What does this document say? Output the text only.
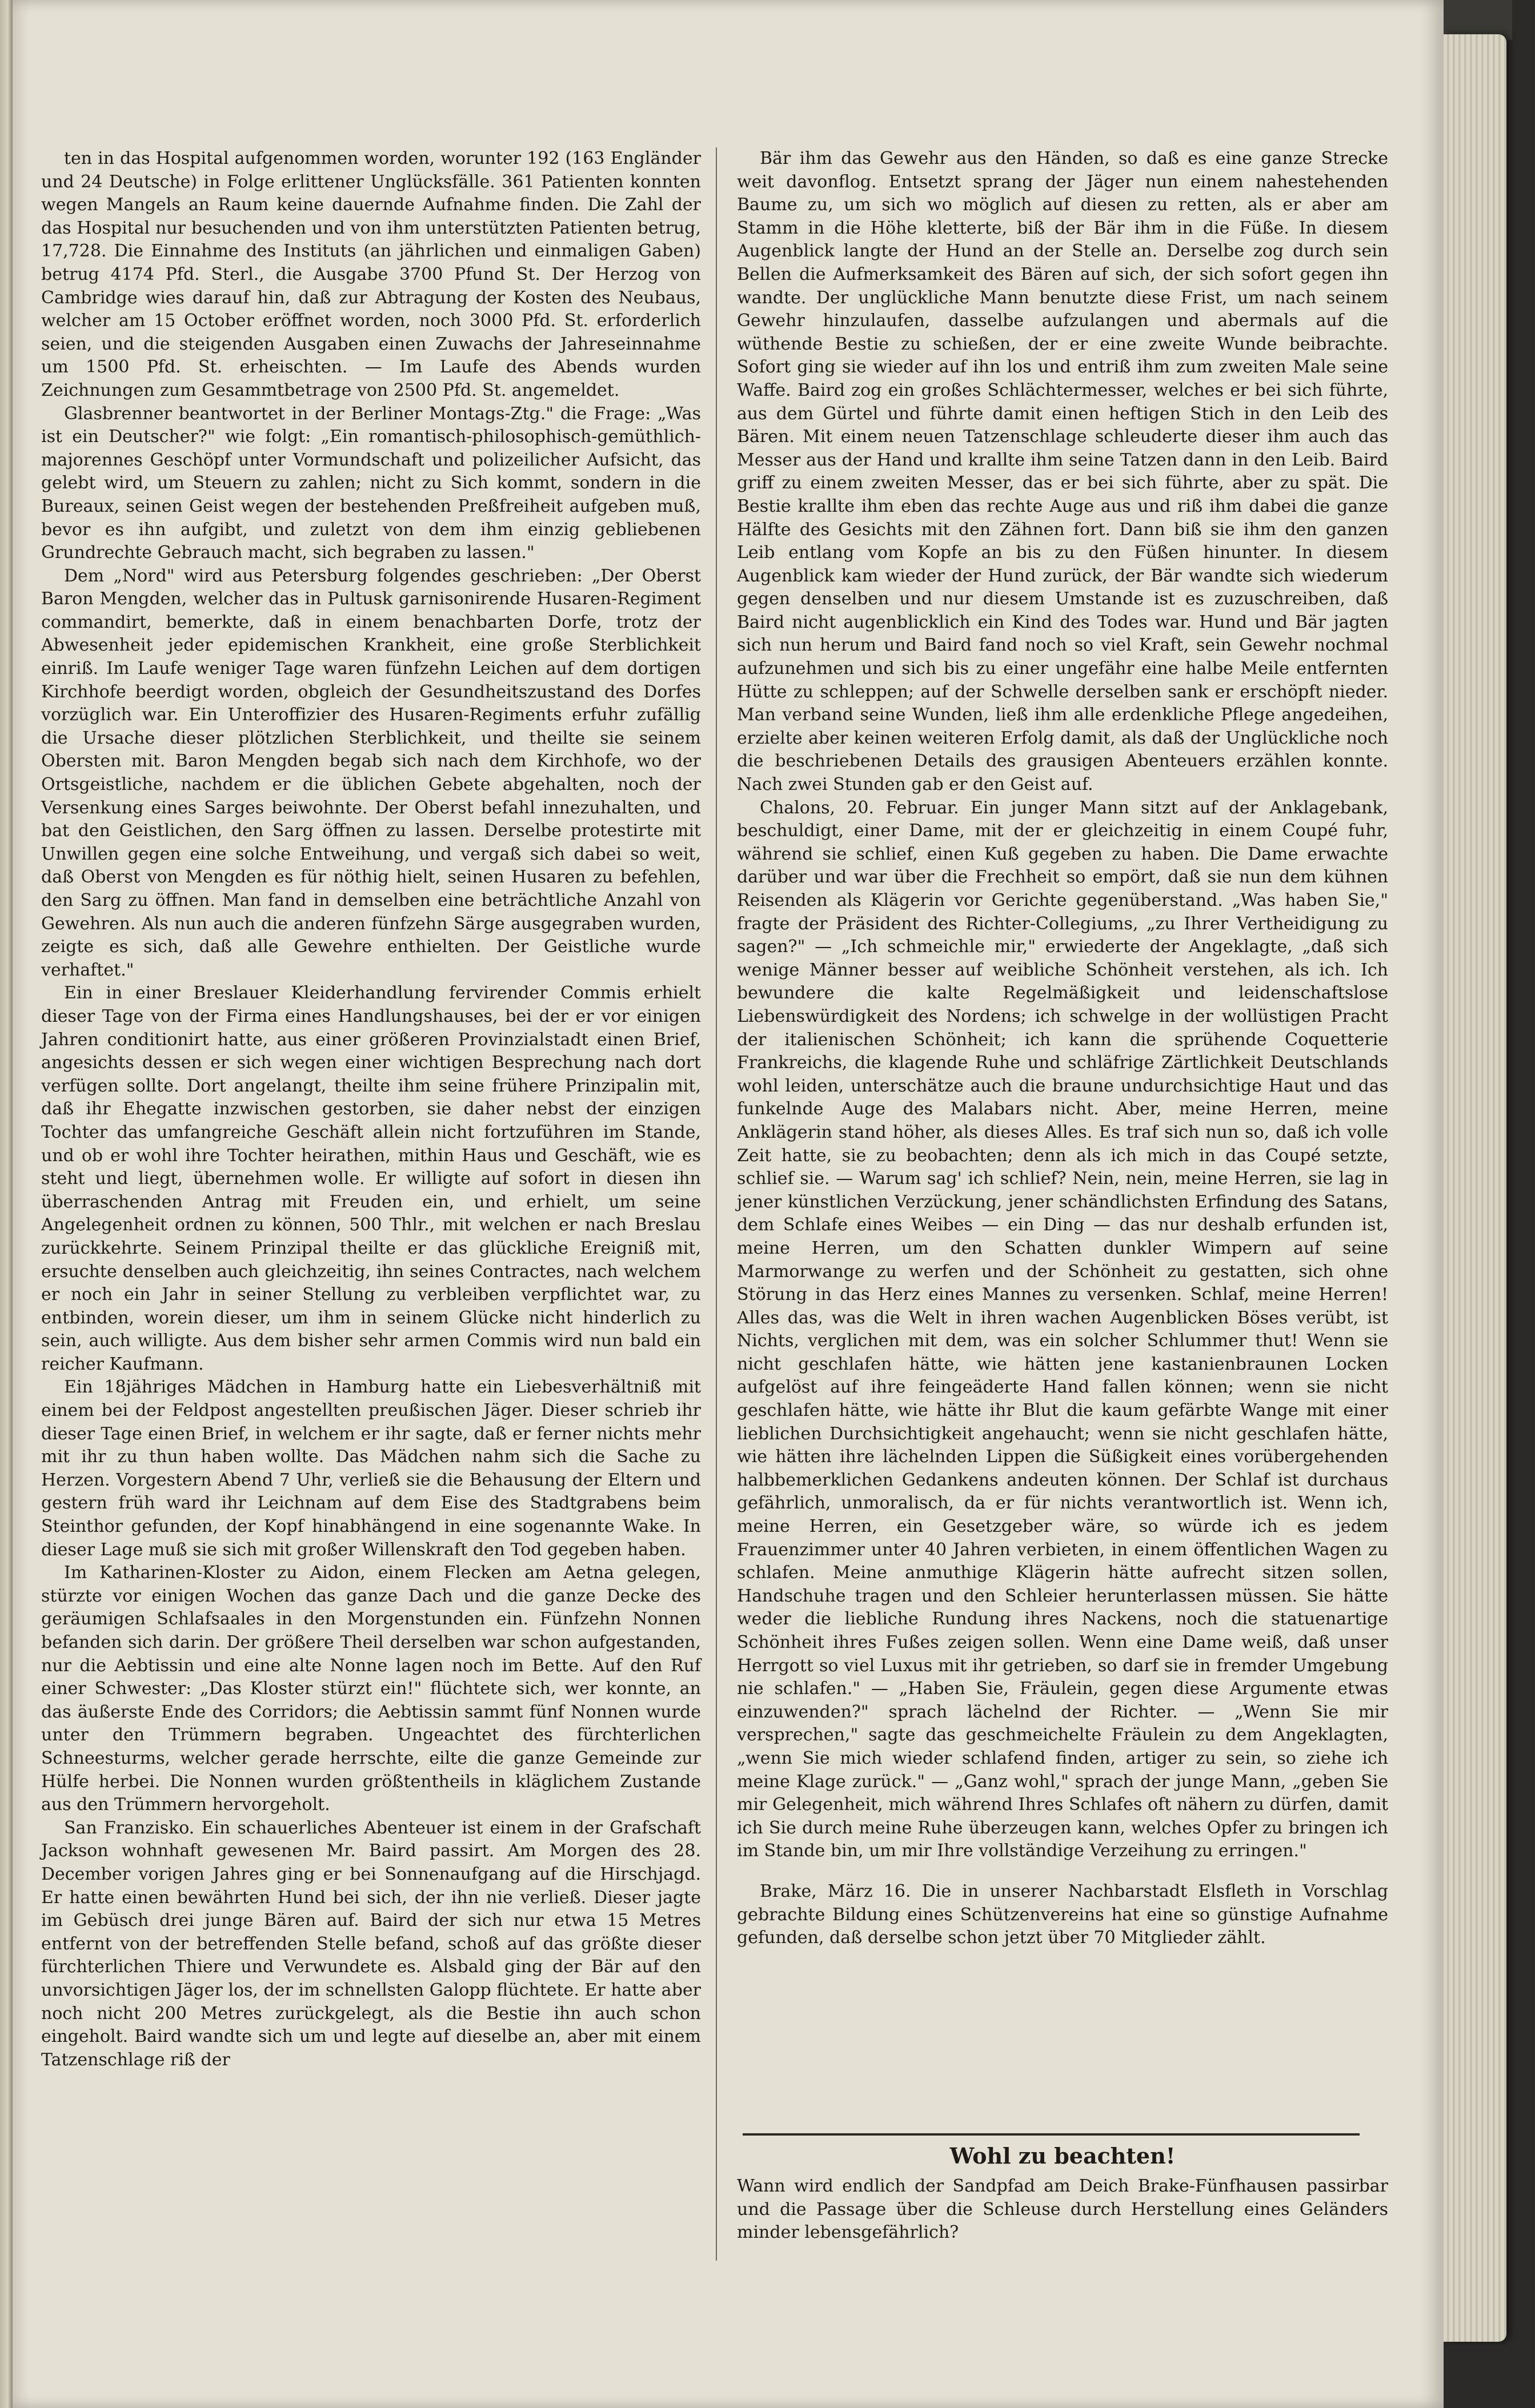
ten in das Hospital aufgenommen worden, worunter 192 (163 Engländer und 24 Deutsche) in Folge erlittener Unglücksfälle. 361 Patienten konnten wegen Mangels an Raum keine dauernde Aufnahme finden. Die Zahl der das Hospital nur besuchenden und von ihm unterstützten Patienten betrug, 17,728. Die Einnahme des Instituts (an jährlichen und einmaligen Gaben) betrug 4174 Pfd. Sterl., die Ausgabe 3700 Pfund St. Der Herzog von Cambridge wies darauf hin, daß zur Abtragung der Kosten des Neubaus, welcher am 15 October eröffnet worden, noch 3000 Pfd. St. erforderlich seien, und die steigenden Ausgaben einen Zuwachs der Jahreseinnahme um 1500 Pfd. St. erheischten. — Im Laufe des Abends wurden Zeichnungen zum Gesammtbetrage von 2500 Pfd. St. angemeldet.

Glasbrenner beantwortet in der Berliner Montags-Ztg." die Frage: „Was ist ein Deutscher?" wie folgt: „Ein romantisch-philosophisch-gemüthlich-majorennes Geschöpf unter Vormundschaft und polizeilicher Aufsicht, das gelebt wird, um Steuern zu zahlen; nicht zu Sich kommt, sondern in die Bureaux, seinen Geist wegen der bestehenden Preßfreiheit aufgeben muß, bevor es ihn aufgibt, und zuletzt von dem ihm einzig gebliebenen Grundrechte Gebrauch macht, sich begraben zu lassen."

Dem „Nord" wird aus Petersburg folgendes geschrieben: „Der Oberst Baron Mengden, welcher das in Pultusk garnisonirende Husaren-Regiment commandirt, bemerkte, daß in einem benachbarten Dorfe, trotz der Abwesenheit jeder epidemischen Krankheit, eine große Sterblichkeit einriß. Im Laufe weniger Tage waren fünfzehn Leichen auf dem dortigen Kirchhofe beerdigt worden, obgleich der Gesundheitszustand des Dorfes vorzüglich war. Ein Unteroffizier des Husaren-Regiments erfuhr zufällig die Ursache dieser plötzlichen Sterblichkeit, und theilte sie seinem Obersten mit. Baron Mengden begab sich nach dem Kirchhofe, wo der Ortsgeistliche, nachdem er die üblichen Gebete abgehalten, noch der Versenkung eines Sarges beiwohnte. Der Oberst befahl innezuhalten, und bat den Geistlichen, den Sarg öffnen zu lassen. Derselbe protestirte mit Unwillen gegen eine solche Entweihung, und vergaß sich dabei so weit, daß Oberst von Mengden es für nöthig hielt, seinen Husaren zu befehlen, den Sarg zu öffnen. Man fand in demselben eine beträchtliche Anzahl von Gewehren. Als nun auch die anderen fünfzehn Särge ausgegraben wurden, zeigte es sich, daß alle Gewehre enthielten. Der Geistliche wurde verhaftet."

Ein in einer Breslauer Kleiderhandlung fervirender Commis erhielt dieser Tage von der Firma eines Handlungshauses, bei der er vor einigen Jahren conditionirt hatte, aus einer größeren Provinzialstadt einen Brief, angesichts dessen er sich wegen einer wichtigen Besprechung nach dort verfügen sollte. Dort angelangt, theilte ihm seine frühere Prinzipalin mit, daß ihr Ehegatte inzwischen gestorben, sie daher nebst der einzigen Tochter das umfangreiche Geschäft allein nicht fortzuführen im Stande, und ob er wohl ihre Tochter heirathen, mithin Haus und Geschäft, wie es steht und liegt, übernehmen wolle. Er willigte auf sofort in diesen ihn überraschenden Antrag mit Freuden ein, und erhielt, um seine Angelegenheit ordnen zu können, 500 Thlr., mit welchen er nach Breslau zurückkehrte. Seinem Prinzipal theilte er das glückliche Ereigniß mit, ersuchte denselben auch gleichzeitig, ihn seines Contractes, nach welchem er noch ein Jahr in seiner Stellung zu verbleiben verpflichtet war, zu entbinden, worein dieser, um ihm in seinem Glücke nicht hinderlich zu sein, auch willigte. Aus dem bisher sehr armen Commis wird nun bald ein reicher Kaufmann.

Ein 18jähriges Mädchen in Hamburg hatte ein Liebesverhältniß mit einem bei der Feldpost angestellten preußischen Jäger. Dieser schrieb ihr dieser Tage einen Brief, in welchem er ihr sagte, daß er ferner nichts mehr mit ihr zu thun haben wollte. Das Mädchen nahm sich die Sache zu Herzen. Vorgestern Abend 7 Uhr, verließ sie die Behausung der Eltern und gestern früh ward ihr Leichnam auf dem Eise des Stadtgrabens beim Steinthor gefunden, der Kopf hinabhängend in eine sogenannte Wake. In dieser Lage muß sie sich mit großer Willenskraft den Tod gegeben haben.

Im Katharinen-Kloster zu Aidon, einem Flecken am Aetna gelegen, stürzte vor einigen Wochen das ganze Dach und die ganze Decke des geräumigen Schlafsaales in den Morgenstunden ein. Fünfzehn Nonnen befanden sich darin. Der größere Theil derselben war schon aufgestanden, nur die Aebtissin und eine alte Nonne lagen noch im Bette. Auf den Ruf einer Schwester: „Das Kloster stürzt ein!" flüchtete sich, wer konnte, an das äußerste Ende des Corridors; die Aebtissin sammt fünf Nonnen wurde unter den Trümmern begraben. Ungeachtet des fürchterlichen Schneesturms, welcher gerade herrschte, eilte die ganze Gemeinde zur Hülfe herbei. Die Nonnen wurden größtentheils in kläglichem Zustande aus den Trümmern hervorgeholt.

San Franzisko. Ein schauerliches Abenteuer ist einem in der Grafschaft Jackson wohnhaft gewesenen Mr. Baird passirt. Am Morgen des 28. December vorigen Jahres ging er bei Sonnenaufgang auf die Hirschjagd. Er hatte einen bewährten Hund bei sich, der ihn nie verließ. Dieser jagte im Gebüsch drei junge Bären auf. Baird der sich nur etwa 15 Metres entfernt von der betreffenden Stelle befand, schoß auf das größte dieser fürchterlichen Thiere und Verwundete es. Alsbald ging der Bär auf den unvorsichtigen Jäger los, der im schnellsten Galopp flüchtete. Er hatte aber noch nicht 200 Metres zurückgelegt, als die Bestie ihn auch schon eingeholt. Baird wandte sich um und legte auf dieselbe an, aber mit einem Tatzenschlage riß der

Bär ihm das Gewehr aus den Händen, so daß es eine ganze Strecke weit davonflog. Entsetzt sprang der Jäger nun einem nahestehenden Baume zu, um sich wo möglich auf diesen zu retten, als er aber am Stamm in die Höhe kletterte, biß der Bär ihm in die Füße. In diesem Augenblick langte der Hund an der Stelle an. Derselbe zog durch sein Bellen die Aufmerksamkeit des Bären auf sich, der sich sofort gegen ihn wandte. Der unglückliche Mann benutzte diese Frist, um nach seinem Gewehr hinzulaufen, dasselbe aufzulangen und abermals auf die wüthende Bestie zu schießen, der er eine zweite Wunde beibrachte. Sofort ging sie wieder auf ihn los und entriß ihm zum zweiten Male seine Waffe. Baird zog ein großes Schlächtermesser, welches er bei sich führte, aus dem Gürtel und führte damit einen heftigen Stich in den Leib des Bären. Mit einem neuen Tatzenschlage schleuderte dieser ihm auch das Messer aus der Hand und krallte ihm seine Tatzen dann in den Leib. Baird griff zu einem zweiten Messer, das er bei sich führte, aber zu spät. Die Bestie krallte ihm eben das rechte Auge aus und riß ihm dabei die ganze Hälfte des Gesichts mit den Zähnen fort. Dann biß sie ihm den ganzen Leib entlang vom Kopfe an bis zu den Füßen hinunter. In diesem Augenblick kam wieder der Hund zurück, der Bär wandte sich wiederum gegen denselben und nur diesem Umstande ist es zuzuschreiben, daß Baird nicht augenblicklich ein Kind des Todes war. Hund und Bär jagten sich nun herum und Baird fand noch so viel Kraft, sein Gewehr nochmal aufzunehmen und sich bis zu einer ungefähr eine halbe Meile entfernten Hütte zu schleppen; auf der Schwelle derselben sank er erschöpft nieder. Man verband seine Wunden, ließ ihm alle erdenkliche Pflege angedeihen, erzielte aber keinen weiteren Erfolg damit, als daß der Unglückliche noch die beschriebenen Details des grausigen Abenteuers erzählen konnte. Nach zwei Stunden gab er den Geist auf.

Chalons, 20. Februar. Ein junger Mann sitzt auf der Anklagebank, beschuldigt, einer Dame, mit der er gleichzeitig in einem Coupé fuhr, während sie schlief, einen Kuß gegeben zu haben. Die Dame erwachte darüber und war über die Frechheit so empört, daß sie nun dem kühnen Reisenden als Klägerin vor Gerichte gegenüberstand. „Was haben Sie," fragte der Präsident des Richter-Collegiums, „zu Ihrer Vertheidigung zu sagen?" — „Ich schmeichle mir," erwiederte der Angeklagte, „daß sich wenige Männer besser auf weibliche Schönheit verstehen, als ich. Ich bewundere die kalte Regelmäßigkeit und leidenschaftslose Liebenswürdigkeit des Nordens; ich schwelge in der wollüstigen Pracht der italienischen Schönheit; ich kann die sprühende Coquetterie Frankreichs, die klagende Ruhe und schläfrige Zärtlichkeit Deutschlands wohl leiden, unterschätze auch die braune undurchsichtige Haut und das funkelnde Auge des Malabars nicht. Aber, meine Herren, meine Anklägerin stand höher, als dieses Alles. Es traf sich nun so, daß ich volle Zeit hatte, sie zu beobachten; denn als ich mich in das Coupé setzte, schlief sie. — Warum sag' ich schlief? Nein, nein, meine Herren, sie lag in jener künstlichen Verzückung, jener schändlichsten Erfindung des Satans, dem Schlafe eines Weibes — ein Ding — das nur deshalb erfunden ist, meine Herren, um den Schatten dunkler Wimpern auf seine Marmorwange zu werfen und der Schönheit zu gestatten, sich ohne Störung in das Herz eines Mannes zu versenken. Schlaf, meine Herren! Alles das, was die Welt in ihren wachen Augenblicken Böses verübt, ist Nichts, verglichen mit dem, was ein solcher Schlummer thut! Wenn sie nicht geschlafen hätte, wie hätten jene kastanienbraunen Locken aufgelöst auf ihre feingeäderte Hand fallen können; wenn sie nicht geschlafen hätte, wie hätte ihr Blut die kaum gefärbte Wange mit einer lieblichen Durchsichtigkeit angehaucht; wenn sie nicht geschlafen hätte, wie hätten ihre lächelnden Lippen die Süßigkeit eines vorübergehenden halbbemerklichen Gedankens andeuten können. Der Schlaf ist durchaus gefährlich, unmoralisch, da er für nichts verantwortlich ist. Wenn ich, meine Herren, ein Gesetzgeber wäre, so würde ich es jedem Frauenzimmer unter 40 Jahren verbieten, in einem öffentlichen Wagen zu schlafen. Meine anmuthige Klägerin hätte aufrecht sitzen sollen, Handschuhe tragen und den Schleier herunterlassen müssen. Sie hätte weder die liebliche Rundung ihres Nackens, noch die statuenartige Schönheit ihres Fußes zeigen sollen. Wenn eine Dame weiß, daß unser Herrgott so viel Luxus mit ihr getrieben, so darf sie in fremder Umgebung nie schlafen." — „Haben Sie, Fräulein, gegen diese Argumente etwas einzuwenden?" sprach lächelnd der Richter. — „Wenn Sie mir versprechen," sagte das geschmeichelte Fräulein zu dem Angeklagten, „wenn Sie mich wieder schlafend finden, artiger zu sein, so ziehe ich meine Klage zurück." — „Ganz wohl," sprach der junge Mann, „geben Sie mir Gelegenheit, mich während Ihres Schlafes oft nähern zu dürfen, damit ich Sie durch meine Ruhe überzeugen kann, welches Opfer zu bringen ich im Stande bin, um mir Ihre vollständige Verzeihung zu erringen."

Brake, März 16. Die in unserer Nachbarstadt Elsfleth in Vorschlag gebrachte Bildung eines Schützenvereins hat eine so günstige Aufnahme gefunden, daß derselbe schon jetzt über 70 Mitglieder zählt.

Wohl zu beachten!

Wann wird endlich der Sandpfad am Deich Brake-Fünfhausen passirbar und die Passage über die Schleuse durch Herstellung eines Geländers minder lebensgefährlich?
